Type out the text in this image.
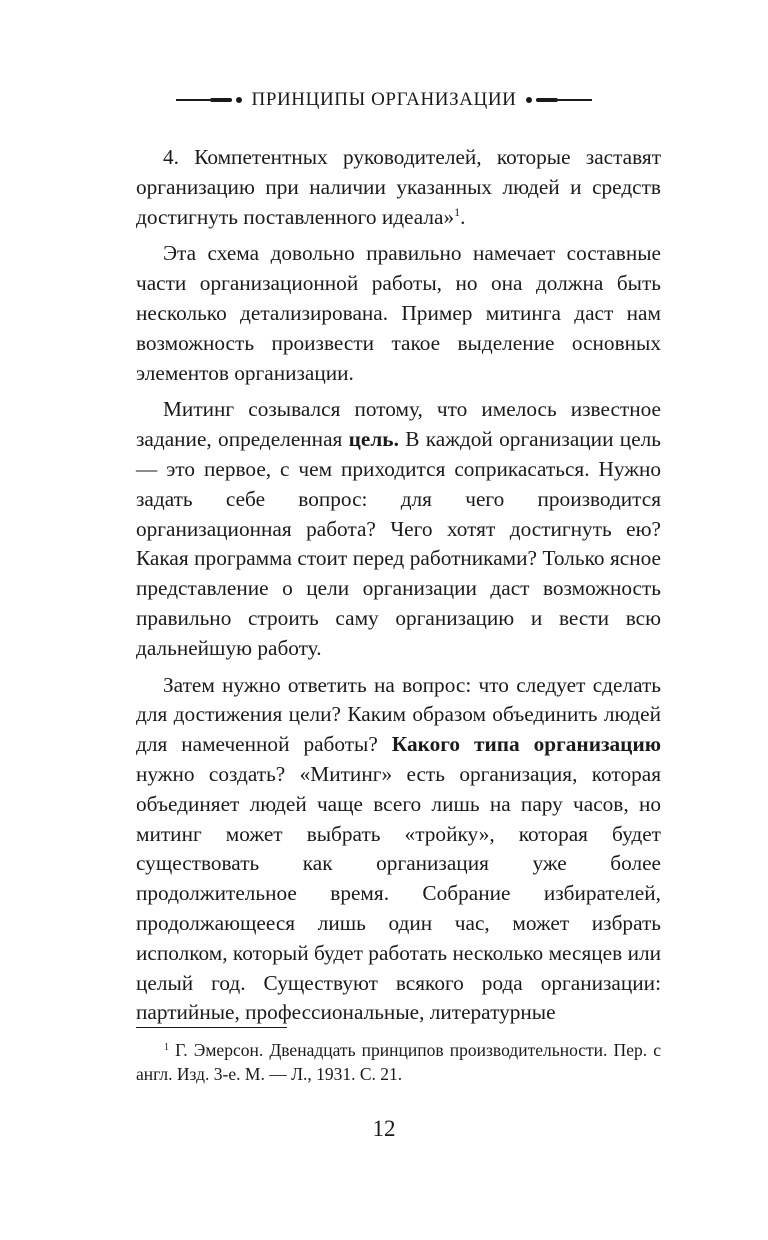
ПРИНЦИПЫ ОРГАНИЗАЦИИ

4. Компетентных руководителей, которые заставят организацию при наличии указанных людей и средств достигнуть поставленного идеала»$^1$.

Эта схема довольно правильно намечает составные части организационной работы, но она должна быть несколько детализирована. Пример митинга даст нам возможность произвести такое выделение основных элементов организации.

Митинг созывался потому, что имелось известное задание, определенная цель. В каждой организации цель — это первое, с чем приходится соприкасаться. Нужно задать себе вопрос: для чего производится организационная работа? Чего хотят достигнуть ею? Какая программа стоит перед работниками? Только ясное представление о цели организации даст возможность правильно строить саму организацию и вести всю дальнейшую работу.

Затем нужно ответить на вопрос: что следует сделать для достижения цели? Каким образом объединить людей для намеченной работы? Какого типа организацию нужно создать? «Митинг» есть организация, которая объединяет людей чаще всего лишь на пару часов, но митинг может выбрать «тройку», которая будет существовать как организация уже более продолжительное время. Собрание избирателей, продолжающееся лишь один час, может избрать исполком, который будет работать несколько месяцев или целый год. Существуют всякого рода организации: партийные, профессиональные, литературные

$^1$ Г. Эмерсон. Двенадцать принципов производительности. Пер. с англ. Изд. 3-е. М. — Л., 1931. С. 21.
12
